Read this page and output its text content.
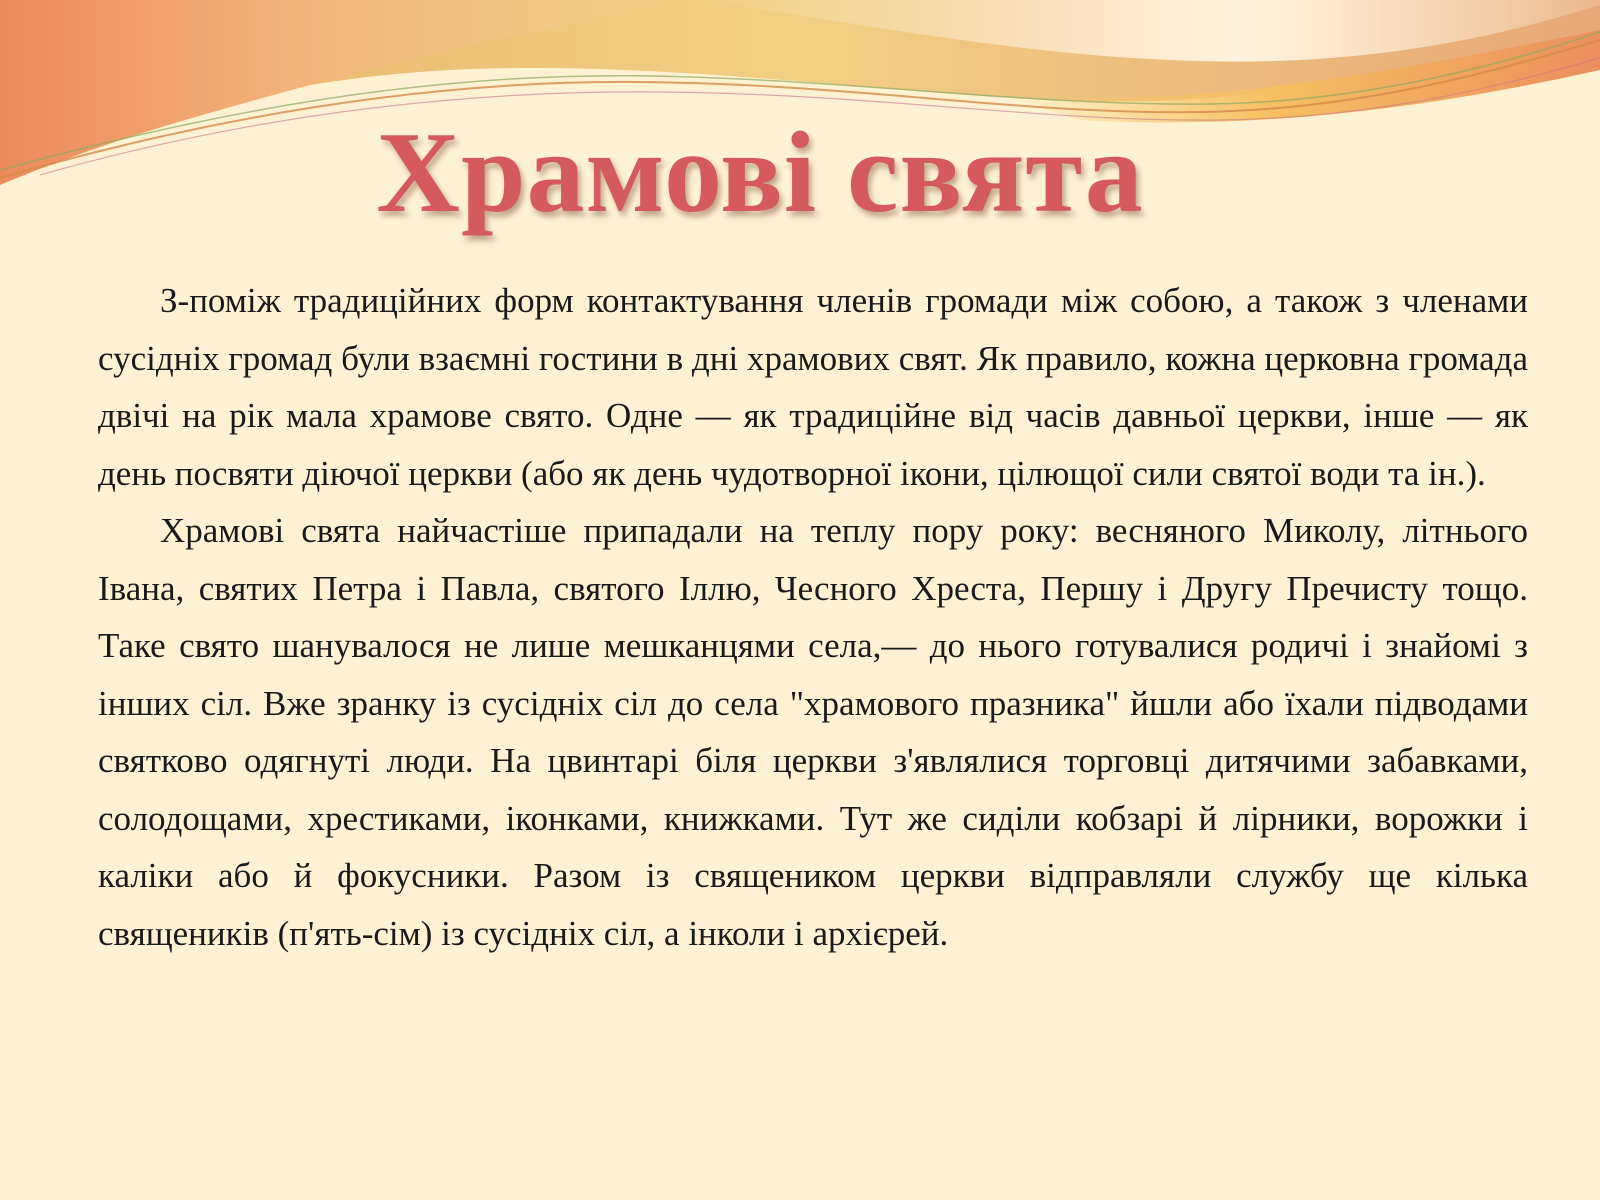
Храмові свята

З-поміж традиційних форм контактування членів громади між собою, а також з членами сусідніх громад були взаємні гостини в дні храмових свят. Як правило, кожна церковна громада двічі на рік мала храмове свято. Одне — як традиційне від часів давньої церкви, інше — як день посвяти діючої церкви (або як день чудотворної ікони, цілющої сили святої води та ін.).

Храмові свята найчастіше припадали на теплу пору року: весняного Миколу, літнього Івана, святих Петра і Павла, святого Іллю, Чесного Хреста, Першу і Другу Пречисту тощо. Таке свято шанувалося не лише мешканцями села,— до нього готувалися родичі і знайомі з інших сіл. Вже зранку із сусідніх сіл до села "храмового празника" йшли або їхали підводами святково одягнуті люди. На цвинтарі біля церкви з'являлися торговці дитячими забавками, солодощами, хрестиками, іконками, книжками. Тут же сиділи кобзарі й лірники, ворожки і каліки або й фокусники. Разом із священиком церкви відправляли службу ще кілька священиків (п'ять-сім) із сусідніх сіл, а інколи і архієрей.
